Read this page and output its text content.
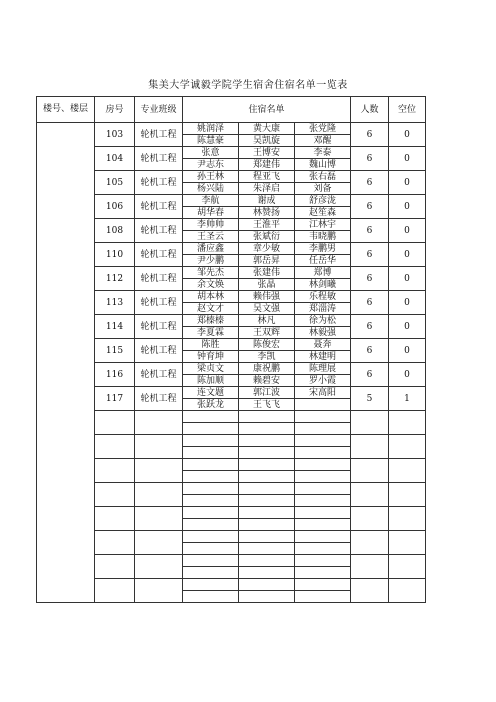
集美大学诚毅学院学生宿舍住宿名单一览表
楼号、楼层	房号	专业班级	住宿名单			人数	空位
	103	轮机工程	姚润泽	黄大康	张党隆	6	0
			陈慧豪	吴凯旋	邓醒		
	104	轮机工程	张意	王博安	李泰	6	0
			尹志东	郑建伟	魏山博		
	105	轮机工程	孙王林	程亚飞	张右磊	6	0
			杨兴陆	朱泽启	刘备		
	106	轮机工程	李航	谢成	舒彦泷	6	0
			胡华春	林赞扬	赵笙森		
	108	轮机工程	李帅帅	王淮平	江林宇	6	0
			王圣云	张斌衍	韦晓鹏		
	110	轮机工程	潘应鑫	章少敏	李鹏男	6	0
			尹少鹏	郭岳昇	任岳华		
	112	轮机工程	邹先杰	张建伟	郑博	6	0
			余文焕	张晶	林剑曦		
	113	轮机工程	胡本林	赖伟强	乐程敏	6	0
			赵文才	吴文强	郑淄涛		
	114	轮机工程	郑榛榛	林凡	徐为松	6	0
			李夏霖	王双辉	林毅强		
	115	轮机工程	陈胜	陈俊宏	聂奔	6	0
			钟育坤	李凯	林建明		
	116	轮机工程	梁贞文	康祝鹏	陈理展	6	0
			陈加顺	赖碧安	罗小霞		
	117	轮机工程	连文题	郭江波	宋高阳	5	1
			张跃龙	王飞飞			
